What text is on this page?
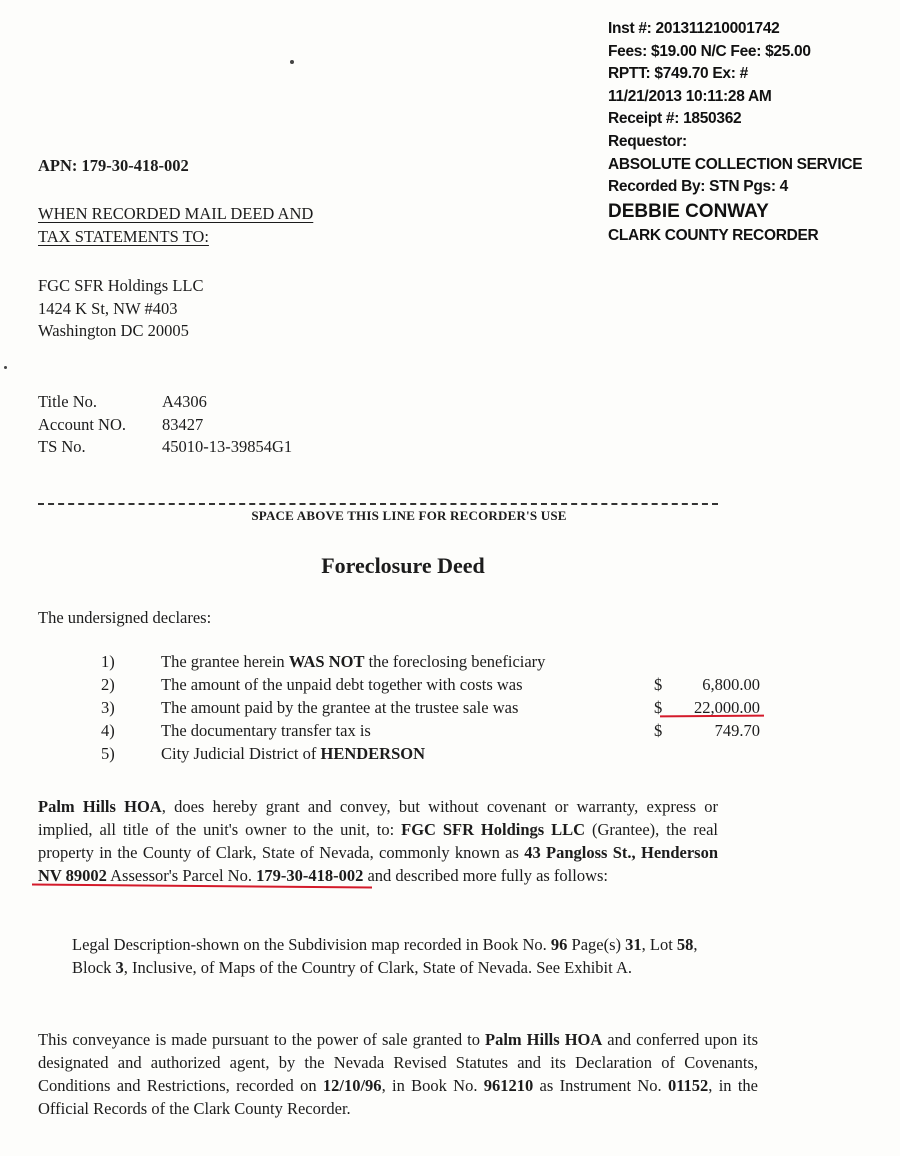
Inst #: 201311210001742
Fees: $19.00 N/C Fee: $25.00
RPTT: $749.70 Ex: #
11/21/2013 10:11:28 AM
Receipt #: 1850362
Requestor:
ABSOLUTE COLLECTION SERVICE
Recorded By: STN Pgs: 4
DEBBIE CONWAY
CLARK COUNTY RECORDER
APN: 179-30-418-002
WHEN RECORDED MAIL DEED AND
TAX STATEMENTS TO:
FGC SFR Holdings LLC
1424 K St, NW #403
Washington DC 20005
Title No.	A4306
Account NO.	83427
TS No.	45010-13-39854G1
SPACE ABOVE THIS LINE FOR RECORDER'S USE
Foreclosure Deed
The undersigned declares:
1)	The grantee herein WAS NOT the foreclosing beneficiary		
2)	The amount of the unpaid debt together with costs was	$	6,800.00
3)	The amount paid by the grantee at the trustee sale was	$	22,000.00
4)	The documentary transfer tax is	$	749.70
5)	City Judicial District of HENDERSON		
Palm Hills HOA, does hereby grant and convey, but without covenant or warranty, express or implied, all title of the unit's owner to the unit, to: FGC SFR Holdings LLC (Grantee), the real property in the County of Clark, State of Nevada, commonly known as 43 Pangloss St., Henderson NV 89002 Assessor's Parcel No. 179-30-418-002 and described more fully as follows:
Legal Description-shown on the Subdivision map recorded in Book No. 96 Page(s) 31, Lot 58, Block 3, Inclusive, of Maps of the Country of Clark, State of Nevada. See Exhibit A.
This conveyance is made pursuant to the power of sale granted to Palm Hills HOA and conferred upon its designated and authorized agent, by the Nevada Revised Statutes and its Declaration of Covenants, Conditions and Restrictions, recorded on 12/10/96, in Book No. 961210 as Instrument No. 01152, in the Official Records of the Clark County Recorder.
